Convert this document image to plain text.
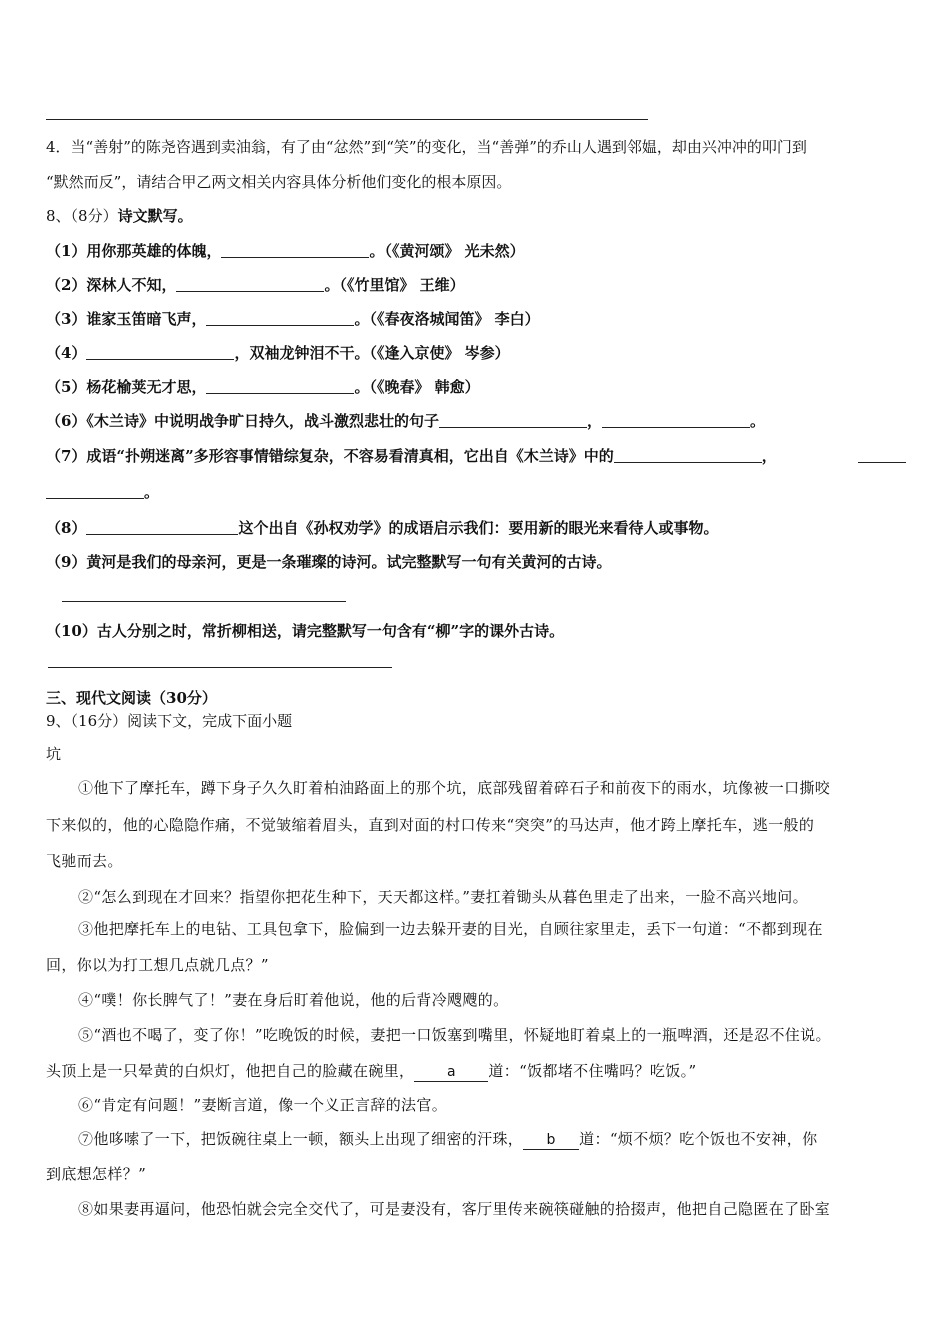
4．当“善射”的陈尧咨遇到卖油翁，有了由“忿然”到“笑”的变化，当“善弹”的乔山人遇到邻媪，却由兴冲冲的叩门到
“默然而反”，请结合甲乙两文相关内容具体分析他们变化的根本原因。
8、（8分）诗文默写。
（1）用你那英雄的体魄，	。（《黄河颂》 光未然）
（2）深林人不知，	。（《竹里馆》 王维）
（3）谁家玉笛暗飞声，	。（《春夜洛城闻笛》 李白）
（4）	，双袖龙钟泪不干。（《逢入京使》 岑参）
（5）杨花榆荚无才思，	。（《晚春》 韩愈）
（6）《木兰诗》中说明战争旷日持久，战斗激烈悲壮的句子	，	。
（7）成语“扑朔迷离”多形容事情错综复杂，不容易看清真相，它出自《木兰诗》中的	，
。
（8）	这个出自《孙权劝学》的成语启示我们：要用新的眼光来看待人或事物。
（9）黄河是我们的母亲河，更是一条璀璨的诗河。试完整默写一句有关黄河的古诗。
（10）古人分别之时，常折柳相送，请完整默写一句含有“柳”字的课外古诗。
三、现代文阅读（30分）
9、（16分）阅读下文，完成下面小题
坑
①他下了摩托车，蹲下身子久久盯着柏油路面上的那个坑，底部残留着碎石子和前夜下的雨水，坑像被一口撕咬
下来似的，他的心隐隐作痛，不觉皱缩着眉头，直到对面的村口传来“突突”的马达声，他才跨上摩托车，逃一般的
飞驰而去。
②“怎么到现在才回来？指望你把花生种下，天天都这样。”妻扛着锄头从暮色里走了出来，一脸不高兴地问。
③他把摩托车上的电钻、工具包拿下，脸偏到一边去躲开妻的目光，自顾往家里走，丢下一句道：“不都到现在
回，你以为打工想几点就几点？”
④“噗！你长脾气了！”妻在身后盯着他说，他的后背冷飕飕的。
⑤“酒也不喝了，变了你！”吃晚饭的时候，妻把一口饭塞到嘴里，怀疑地盯着桌上的一瓶啤酒，还是忍不住说。
头顶上是一只晕黄的白炽灯，他把自己的脸藏在碗里， a 道：“饭都堵不住嘴吗？吃饭。”
⑥“肯定有问题！”妻断言道，像一个义正言辞的法官。
⑦他哆嗦了一下，把饭碗往桌上一顿，额头上出现了细密的汗珠， b 道：“烦不烦？吃个饭也不安神，你
到底想怎样？”
⑧如果妻再逼问，他恐怕就会完全交代了，可是妻没有，客厅里传来碗筷碰触的拾掇声，他把自己隐匿在了卧室
